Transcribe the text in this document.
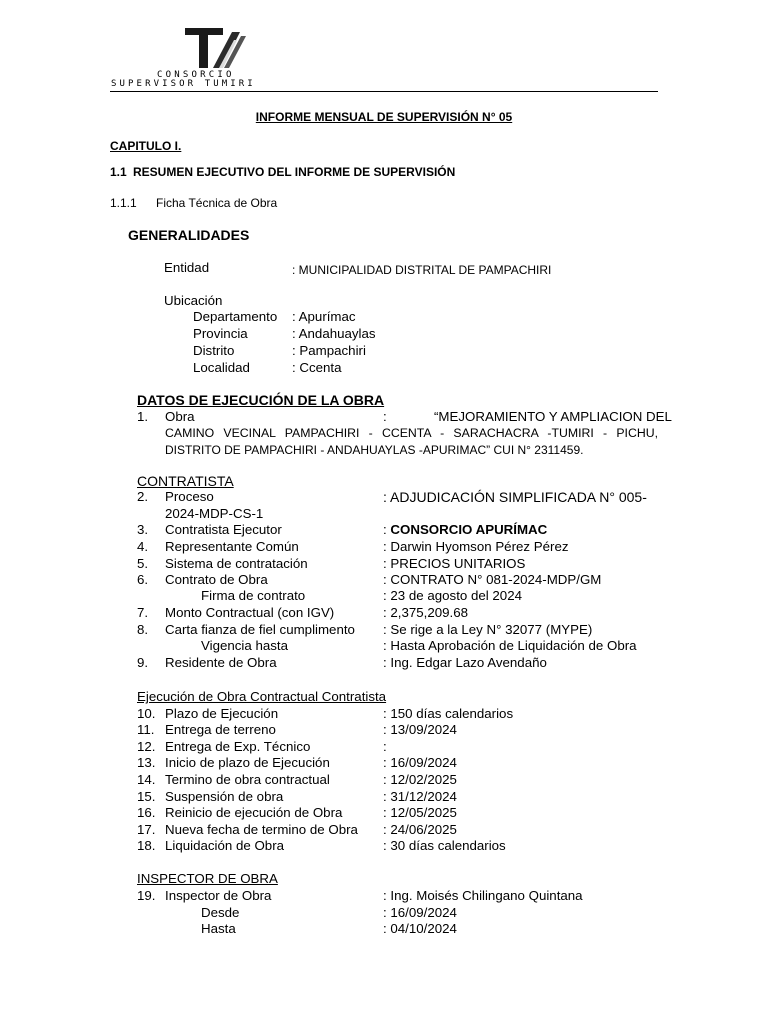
CONSORCIO
SUPERVISOR TUMIRI
INFORME MENSUAL DE SUPERVISIÓN N° 05
CAPITULO I.
1.1 RESUMEN EJECUTIVO DEL INFORME DE SUPERVISIÓN
1.1.1 Ficha Técnica de Obra
GENERALIDADES
Entidad	: MUNICIPALIDAD DISTRITAL DE PAMPACHIRI
Ubicación
Departamento : Apurímac
Provincia	: Andahuaylas
Distrito	: Pampachiri
Localidad	: Ccenta
DATOS DE EJECUCIÓN DE LA OBRA
1. Obra	:	“MEJORAMIENTO Y AMPLIACION DEL
CAMINO VECINAL PAMPACHIRI - CCENTA - SARACHACRA -TUMIRI - PICHU,
DISTRITO DE PAMPACHIRI - ANDAHUAYLAS -APURIMAC” CUI N° 2311459.
CONTRATISTA
2. Proceso	: ADJUDICACIÓN SIMPLIFICADA N° 005-
2024-MDP-CS-1
3. Contratista Ejecutor	: CONSORCIO APURÍMAC
4. Representante Común	: Darwin Hyomson Pérez Pérez
5. Sistema de contratación	: PRECIOS UNITARIOS
6. Contrato de Obra	: CONTRATO N° 081-2024-MDP/GM
Firma de contrato	: 23 de agosto del 2024
7. Monto Contractual (con IGV)	: 2,375,209.68
8. Carta fianza de fiel cumplimento : Se rige a la Ley N° 32077 (MYPE)
Vigencia hasta	: Hasta Aprobación de Liquidación de Obra
9. Residente de Obra	: Ing. Edgar Lazo Avendaño
Ejecución de Obra Contractual Contratista
10. Plazo de Ejecución	: 150 días calendarios
11. Entrega de terreno	: 13/09/2024
12. Entrega de Exp. Técnico	:
13. Inicio de plazo de Ejecución	: 16/09/2024
14. Termino de obra contractual	: 12/02/2025
15. Suspensión de obra	: 31/12/2024
16. Reinicio de ejecución de Obra	: 12/05/2025
17. Nueva fecha de termino de Obra : 24/06/2025
18. Liquidación de Obra	: 30 días calendarios
INSPECTOR DE OBRA
19. Inspector de Obra	: Ing. Moisés Chilingano Quintana
Desde	: 16/09/2024
Hasta	: 04/10/2024
